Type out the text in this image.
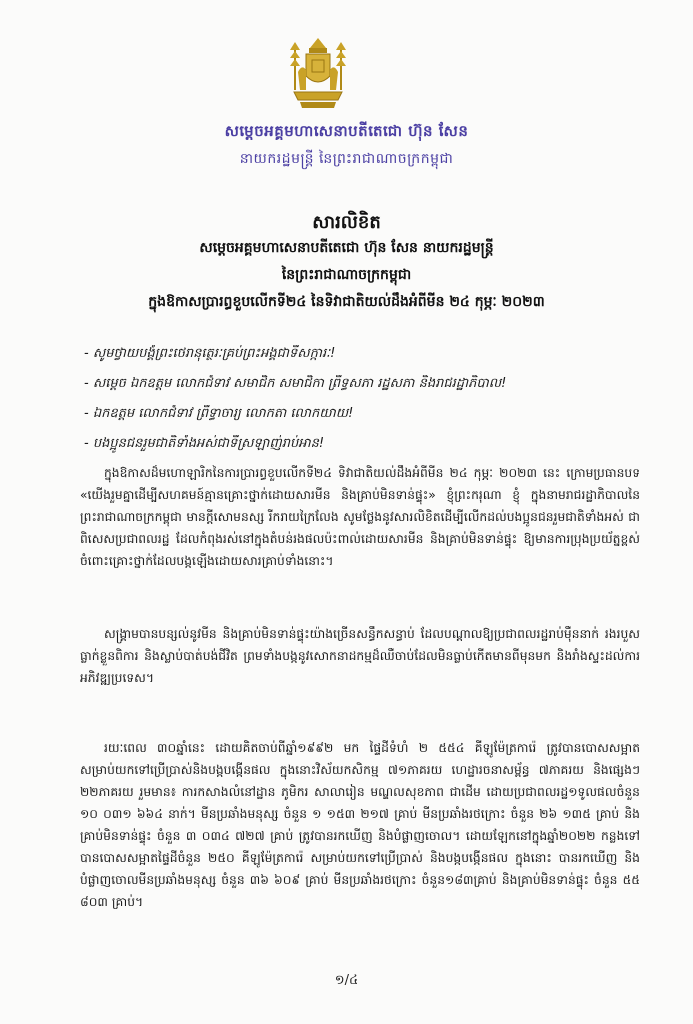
សម្តេចអគ្គមហាសេនាបតីតេជោ ហ៊ុន សែន
នាយករដ្ឋមន្ត្រី នៃព្រះរាជាណាចក្រកម្ពុជា
សារលិខិត
សម្តេចអគ្គមហាសេនាបតីតេជោ ហ៊ុន សែន នាយករដ្ឋមន្ត្រី
នៃព្រះរាជាណាចក្រកម្ពុជា
ក្នុងឱកាសប្រារព្ធខួបលើកទី២៤ នៃទិវាជាតិយល់ដឹងអំពីមីន ២៤ កុម្ភៈ ២០២៣
- សូមថ្វាយបង្គំព្រះថេរានុត្ថេរៈគ្រប់ព្រះអង្គជាទីសក្ការៈ!
- សម្តេច ឯកឧត្តម លោកជំទាវ សមាជិក សមាជិកា ព្រឹទ្ធសភា រដ្ឋសភា និងរាជរដ្ឋាភិបាល!
- ឯកឧត្តម លោកជំទាវ ព្រឹទ្ធាចារ្យ លោកតា លោកយាយ!
- បងប្អូនជនរួមជាតិទាំងអស់ជាទីស្រឡាញ់រាប់អាន!

ក្នុងឱកាសដ៏មហោឡារិកនៃការប្រារព្ធខួបលើកទី២៤ ទិវាជាតិយល់ដឹងអំពីមីន ២៤ កុម្ភៈ ២០២៣ នេះ ក្រោមប្រធានបទ «យើងរួមគ្នាដើម្បីសហគមន៍គ្មានគ្រោះថ្នាក់ដោយសារមីន និងគ្រាប់មិនទាន់ផ្ទុះ» ខ្ញុំព្រះករុណា ខ្ញុំ ក្នុងនាមរាជរដ្ឋាភិបាលនៃព្រះរាជាណាចក្រកម្ពុជា មានក្តីសោមនស្ស រីករាយក្រៃលែង សូមថ្លែងនូវសារលិខិតដើម្បីលើកដល់បងប្អូនជនរួមជាតិទាំងអស់ ជាពិសេសប្រជាពលរដ្ឋ ដែលកំពុងរស់នៅក្នុងតំបន់រងផលប៉ះពាល់ដោយសារមីន និងគ្រាប់មិនទាន់ផ្ទុះ ឱ្យមានការប្រុងប្រយ័ត្នខ្ពស់ចំពោះគ្រោះថ្នាក់ដែលបង្កឡើងដោយសារគ្រាប់ទាំងនោះ។

សង្គ្រាមបានបន្សល់នូវមីន និងគ្រាប់មិនទាន់ផ្ទុះយ៉ាងច្រើនសន្ធឹកសន្ធាប់ ដែលបណ្តាលឱ្យប្រជាពលរដ្ឋរាប់ម៉ឺននាក់ រងរបួស ធ្លាក់ខ្លួនពិការ និងស្លាប់បាត់បង់ជីវិត ព្រមទាំងបង្កនូវសោកនាដកម្មដ៏ឈឺចាប់ដែលមិនធ្លាប់កើតមានពីមុនមក និងរាំងស្ទះដល់ការអភិវឌ្ឍប្រទេស។

រយៈពេល ៣០ឆ្នាំនេះ ដោយគិតចាប់ពីឆ្នាំ១៩៩២ មក ផ្ទៃដីទំហំ ២ ៥៥៤ គីឡូម៉ែត្រការ៉េ ត្រូវបានបោសសម្អាតសម្រាប់យកទៅប្រើប្រាស់និងបង្កបង្កើនផល ក្នុងនោះវិស័យកសិកម្ម ៧១ភាគរយ ហេដ្ឋារចនាសម្ព័ន្ធ ៧ភាគរយ និងផ្សេងៗ ២២ភាគរយ រួមមាន៖ ការកសាងលំនៅដ្ឋាន ភូមិករ សាលារៀន មណ្ឌលសុខភាព ជាដើម ដោយប្រជាពលរដ្ឋ១ទូលផលចំនួន ១០ ០៣១ ៦៦៤ នាក់។ មីនប្រឆាំងមនុស្ស ចំនួន ១ ១៥៣ ២១៧ គ្រាប់ មីនប្រឆាំងរថក្រោះ ចំនួន ២៦ ១៣៥ គ្រាប់ និងគ្រាប់មិនទាន់ផ្ទុះ ចំនួន ៣ ០៣៤ ៧២៧ គ្រាប់ ត្រូវបានរកឃើញ និងបំផ្លាញចោល។ ដោយឡែកនៅក្នុងឆ្នាំ២០២២ កន្លងទៅ បានបោសសម្អាតផ្ទៃដីចំនួន ២៥០ គីឡូម៉ែត្រការ៉េ សម្រាប់យកទៅប្រើប្រាស់ និងបង្កបង្កើនផល ក្នុងនោះ បានរកឃើញ និងបំផ្លាញចោលមីនប្រឆាំងមនុស្ស ចំនួន ៣៦ ៦០៩ គ្រាប់ មីនប្រឆាំងរថក្រោះ ចំនួន១៨៣គ្រាប់ និងគ្រាប់មិនទាន់ផ្ទុះ ចំនួន ៥៥ ៨០៣ គ្រាប់។

១/៤
